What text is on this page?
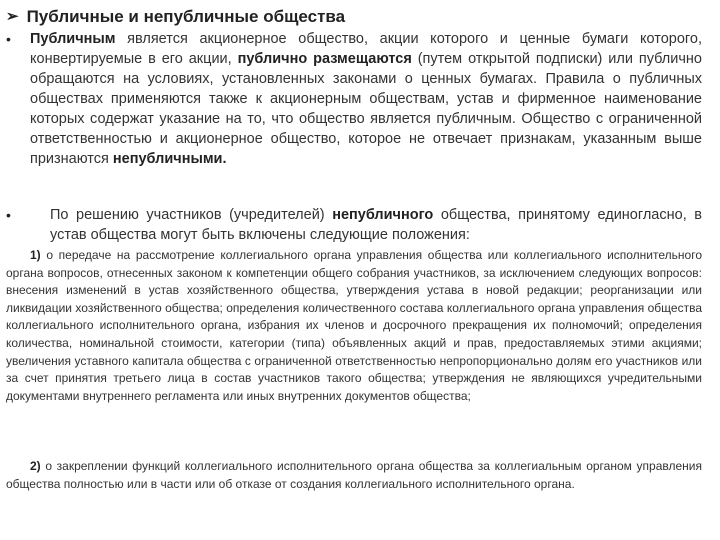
➢ Публичные и непубличные общества
•	Публичным является акционерное общество, акции которого и ценные бумаги которого, конвертируемые в его акции, публично размещаются (путем открытой подписки) или публично обращаются на условиях, установленных законами о ценных бумагах. Правила о публичных обществах применяются также к акционерным обществам, устав и фирменное наименование которых содержат указание на то, что общество является публичным. Общество с ограниченной ответственностью и акционерное общество, которое не отвечает признакам, указанным выше признаются непубличными.
•	По решению участников (учредителей) непубличного общества, принятому единогласно, в устав общества могут быть включены следующие положения:
1) о передаче на рассмотрение коллегиального органа управления общества или коллегиального исполнительного органа вопросов, отнесенных законом к компетенции общего собрания участников, за исключением следующих вопросов: внесения изменений в устав хозяйственного общества, утверждения устава в новой редакции; реорганизации или ликвидации хозяйственного общества; определения количественного состава коллегиального органа управления общества коллегиального исполнительного органа, избрания их членов и досрочного прекращения их полномочий; определения количества, номинальной стоимости, категории (типа) объявленных акций и прав, предоставляемых этими акциями; увеличения уставного капитала общества с ограниченной ответственностью непропорционально долям его участников или за счет принятия третьего лица в состав участников такого общества; утверждения не являющихся учредительными документами внутреннего регламента или иных внутренних документов общества;
2) о закреплении функций коллегиального исполнительного органа общества за коллегиальным органом управления общества полностью или в части или об отказе от создания коллегиального исполнительного органа.
